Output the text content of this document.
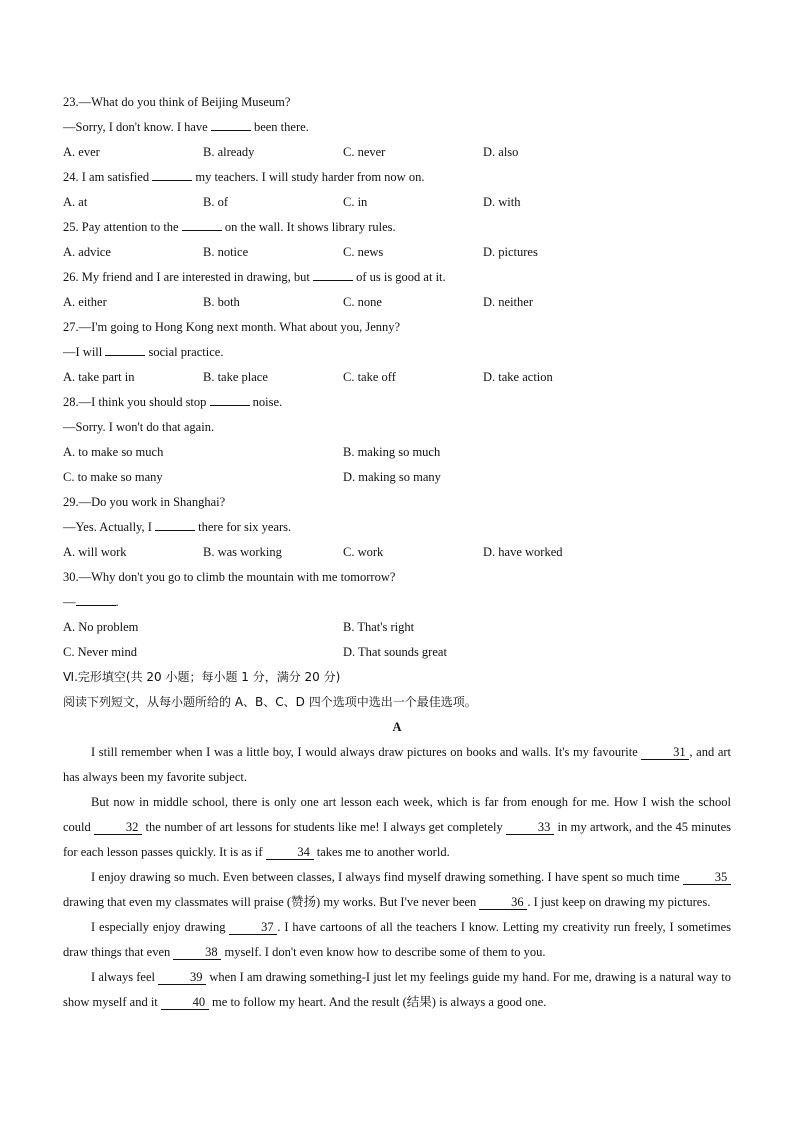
23.—What do you think of Beijing Museum?
—Sorry, I don't know. I have	been there.
A. ever	B. already	C. never	D. also
24. I am satisfied	my teachers. I will study harder from now on.
A. at	B. of	C. in	D. with
25. Pay attention to the	on the wall. It shows library rules.
A. advice	B. notice	C. news	D. pictures
26. My friend and I are interested in drawing, but	of us is good at it.
A. either	B. both	C. none	D. neither
27.—I'm going to Hong Kong next month. What about you, Jenny?
—I will	social practice.
A. take part in	B. take place	C. take off	D. take action
28.—I think you should stop	noise.
—Sorry. I won't do that again.
A. to make so much	B. making so much
C. to make so many	D. making so many
29.—Do you work in Shanghai?
—Yes. Actually, I	there for six years.
A. will work	B. was working	C. work	D. have worked
30.—Why don't you go to climb the mountain with me tomorrow?
—	.
A. No problem	B. That's right
C. Never mind	D. That sounds great
Ⅵ.完形填空(共 20 小题；每小题 1 分，满分 20 分)
阅读下列短文，从每小题所给的 A、B、C、D 四个选项中选出一个最佳选项。
A
I still remember when I was a little boy, I would always draw pictures on books and walls. It's my favourite	31 , and art has always been my favorite subject.
But now in middle school, there is only one art lesson each week, which is far from enough for me. How I wish the school could	32 the number of art lessons for students like me! I always get completely	33 in my artwork, and the 45 minutes for each lesson passes quickly. It is as if	34 takes me to another world.
I enjoy drawing so much. Even between classes, I always find myself drawing something. I have spent so much time	35 drawing that even my classmates will praise (赞扬) my works. But I've never been	36 . I just keep on drawing my pictures.
I especially enjoy drawing	37 . I have cartoons of all the teachers I know. Letting my creativity run freely, I sometimes draw things that even	38 myself. I don't even know how to describe some of them to you.
I always feel	39 when I am drawing something-I just let my feelings guide my hand. For me, drawing is a natural way to show myself and it	40 me to follow my heart. And the result (结果) is always a good one.
